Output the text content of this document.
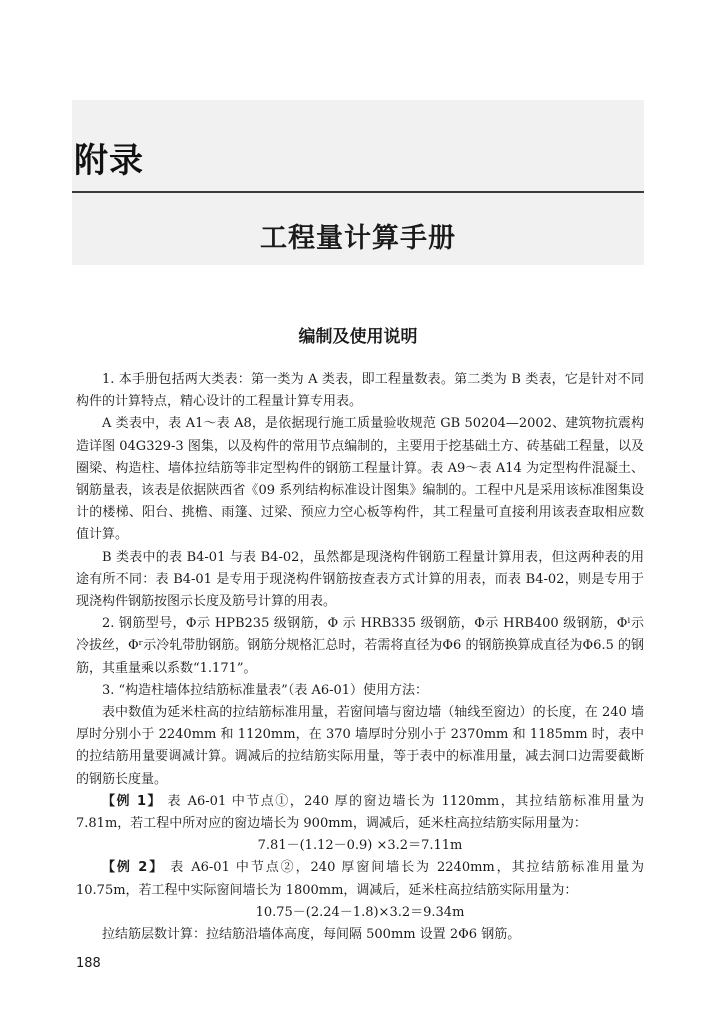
附录
工程量计算手册
编制及使用说明

1. 本手册包括两大类表：第一类为 A 类表，即工程量数表。第二类为 B 类表，它是针对不同构件的计算特点，精心设计的工程量计算专用表。

A 类表中，表 A1～表 A8，是依据现行施工质量验收规范 GB 50204—2002、建筑物抗震构造详图 04G329-3 图集，以及构件的常用节点编制的，主要用于挖基础土方、砖基础工程量，以及圈梁、构造柱、墙体拉结筋等非定型构件的钢筋工程量计算。表 A9～表 A14 为定型构件混凝土、钢筋量表，该表是依据陕西省《09 系列结构标准设计图集》编制的。工程中凡是采用该标准图集设计的楼梯、阳台、挑檐、雨篷、过梁、预应力空心板等构件，其工程量可直接利用该表查取相应数值计算。

B 类表中的表 B4-01 与表 B4-02，虽然都是现浇构件钢筋工程量计算用表，但这两种表的用途有所不同：表 B4-01 是专用于现浇构件钢筋按查表方式计算的用表，而表 B4-02，则是专用于现浇构件钢筋按图示长度及筋号计算的用表。

2. 钢筋型号，Φ示 HPB235 级钢筋，Φ 示 HRB335 级钢筋，Φ示 HRB400 级钢筋，Φˡ示冷拔丝，Φʳ示冷轧带肋钢筋。钢筋分规格汇总时，若需将直径为Φ6 的钢筋换算成直径为Φ6.5 的钢筋，其重量乘以系数“1.171”。

3. “构造柱墙体拉结筋标准量表”（表 A6-01）使用方法：

表中数值为延米柱高的拉结筋标准用量，若窗间墙与窗边墙（轴线至窗边）的长度，在 240 墙厚时分别小于 2240mm 和 1120mm，在 370 墙厚时分别小于 2370mm 和 1185mm 时，表中的拉结筋用量要调减计算。调减后的拉结筋实际用量，等于表中的标准用量，减去洞口边需要截断的钢筋长度量。

【例 1】 表 A6-01 中节点①，240 厚的窗边墙长为 1120mm，其拉结筋标准用量为 7.81m，若工程中所对应的窗边墙长为 900mm，调减后，延米柱高拉结筋实际用量为：

7.81－(1.12－0.9) ×3.2＝7.11m

【例 2】 表 A6-01 中节点②，240 厚窗间墙长为 2240mm，其拉结筋标准用量为 10.75m，若工程中实际窗间墙长为 1800mm，调减后，延米柱高拉结筋实际用量为：

10.75－(2.24－1.8)×3.2＝9.34m

拉结筋层数计算：拉结筋沿墙体高度，每间隔 500mm 设置 2Φ6 钢筋。

188
